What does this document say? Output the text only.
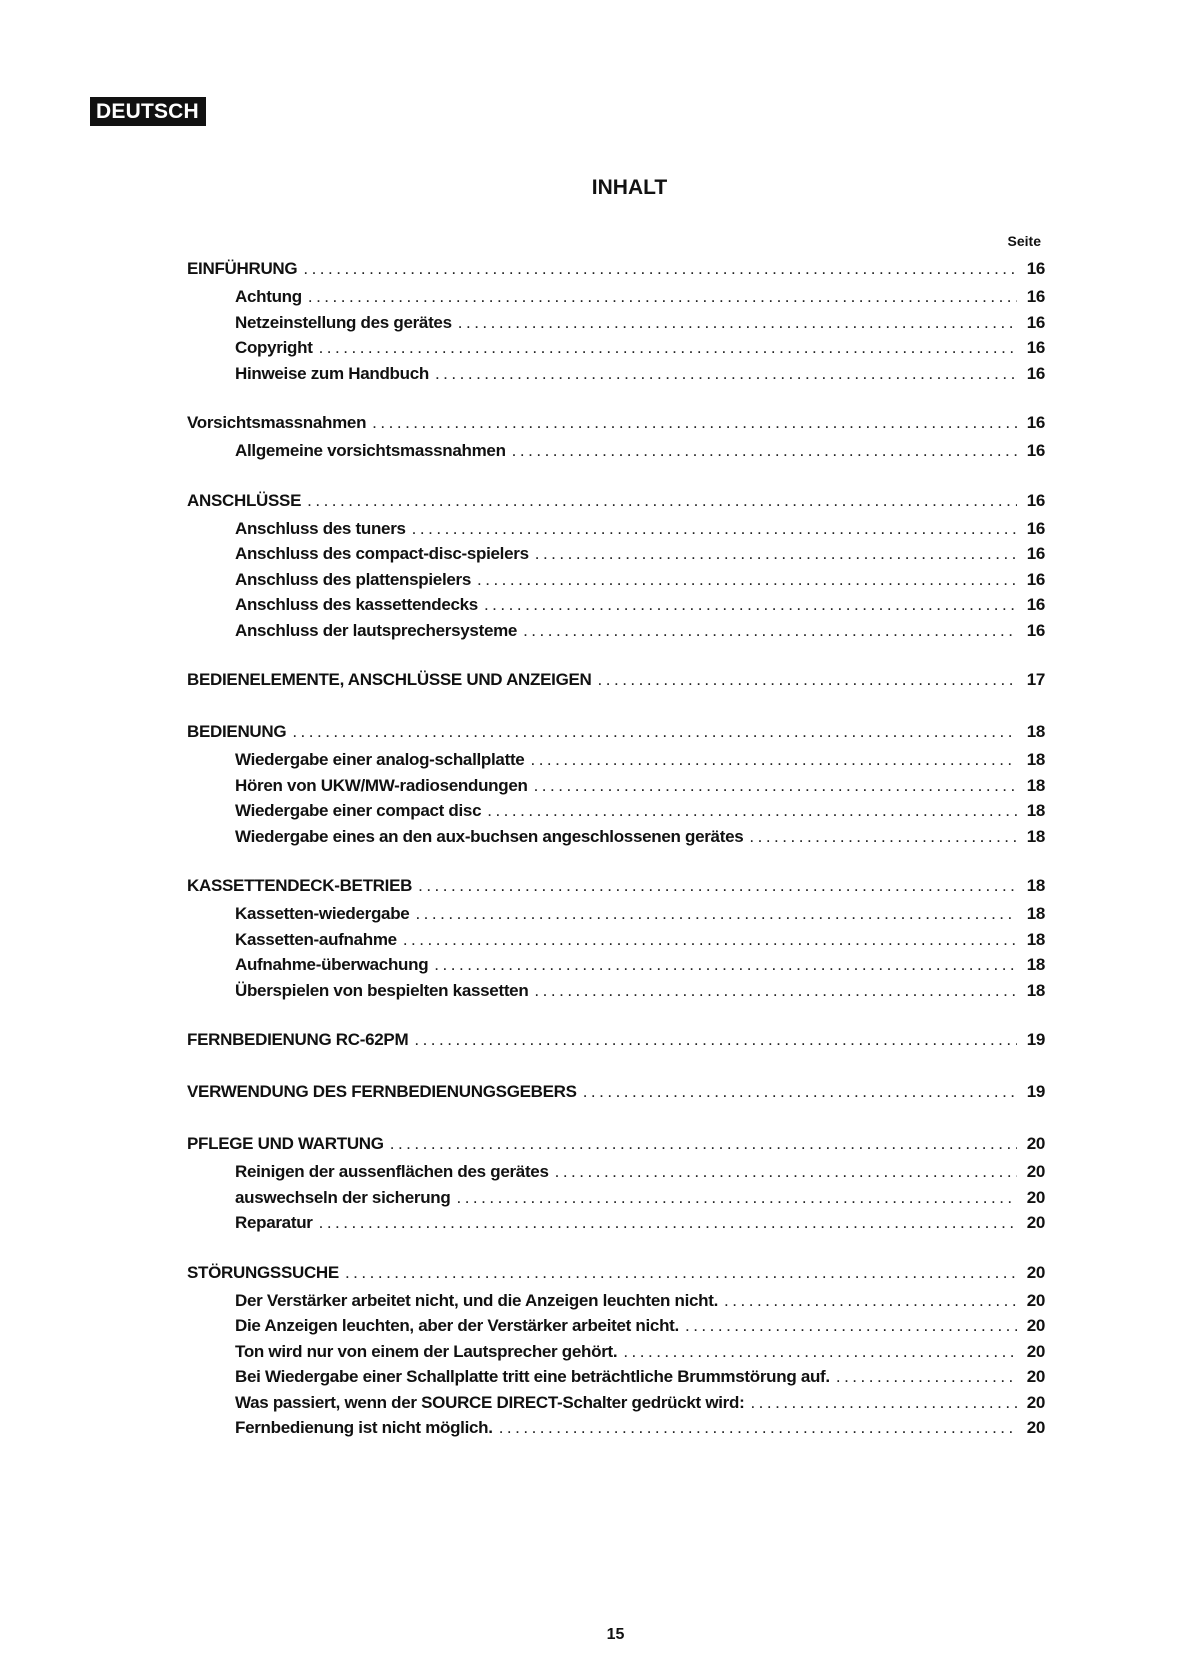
DEUTSCH
INHALT
Seite
EINFÜHRUNG .....	16
Achtung .....	16
Netzeinstellung des gerätes .....	16
Copyright .....	16
Hinweise zum Handbuch .....	16
Vorsichtsmassnahmen .....	16
Allgemeine vorsichtsmassnahmen .....	16
ANSCHLÜSSE .....	16
Anschluss des tuners .....	16
Anschluss des compact-disc-spielers .....	16
Anschluss des plattenspielers .....	16
Anschluss des kassettendecks .....	16
Anschluss der lautsprechersysteme .....	16
BEDIENELEMENTE, ANSCHLÜSSE UND ANZEIGEN .....	17
BEDIENUNG .....	18
Wiedergabe einer analog-schallplatte .....	18
Hören von UKW/MW-radiosendungen .....	18
Wiedergabe einer compact disc .....	18
Wiedergabe eines an den aux-buchsen angeschlossenen gerätes .....	18
KASSETTENDECK-BETRIEB .....	18
Kassetten-wiedergabe .....	18
Kassetten-aufnahme .....	18
Aufnahme-überwachung .....	18
Überspielen von bespielten kassetten .....	18
FERNBEDIENUNG RC-62PM .....	19
VERWENDUNG DES FERNBEDIENUNGSGEBERS .....	19
PFLEGE UND WARTUNG .....	20
Reinigen der aussenflächen des gerätes .....	20
auswechseln der sicherung .....	20
Reparatur .....	20
STÖRUNGSSUCHE .....	20
Der Verstärker arbeitet nicht, und die Anzeigen leuchten nicht. .....	20
Die Anzeigen leuchten, aber der Verstärker arbeitet nicht. .....	20
Ton wird nur von einem der Lautsprecher gehört. .....	20
Bei Wiedergabe einer Schallplatte tritt eine beträchtliche Brummstörung auf. .....	20
Was passiert, wenn der SOURCE DIRECT-Schalter gedrückt wird: .....	20
Fernbedienung ist nicht möglich. .....	20
15
